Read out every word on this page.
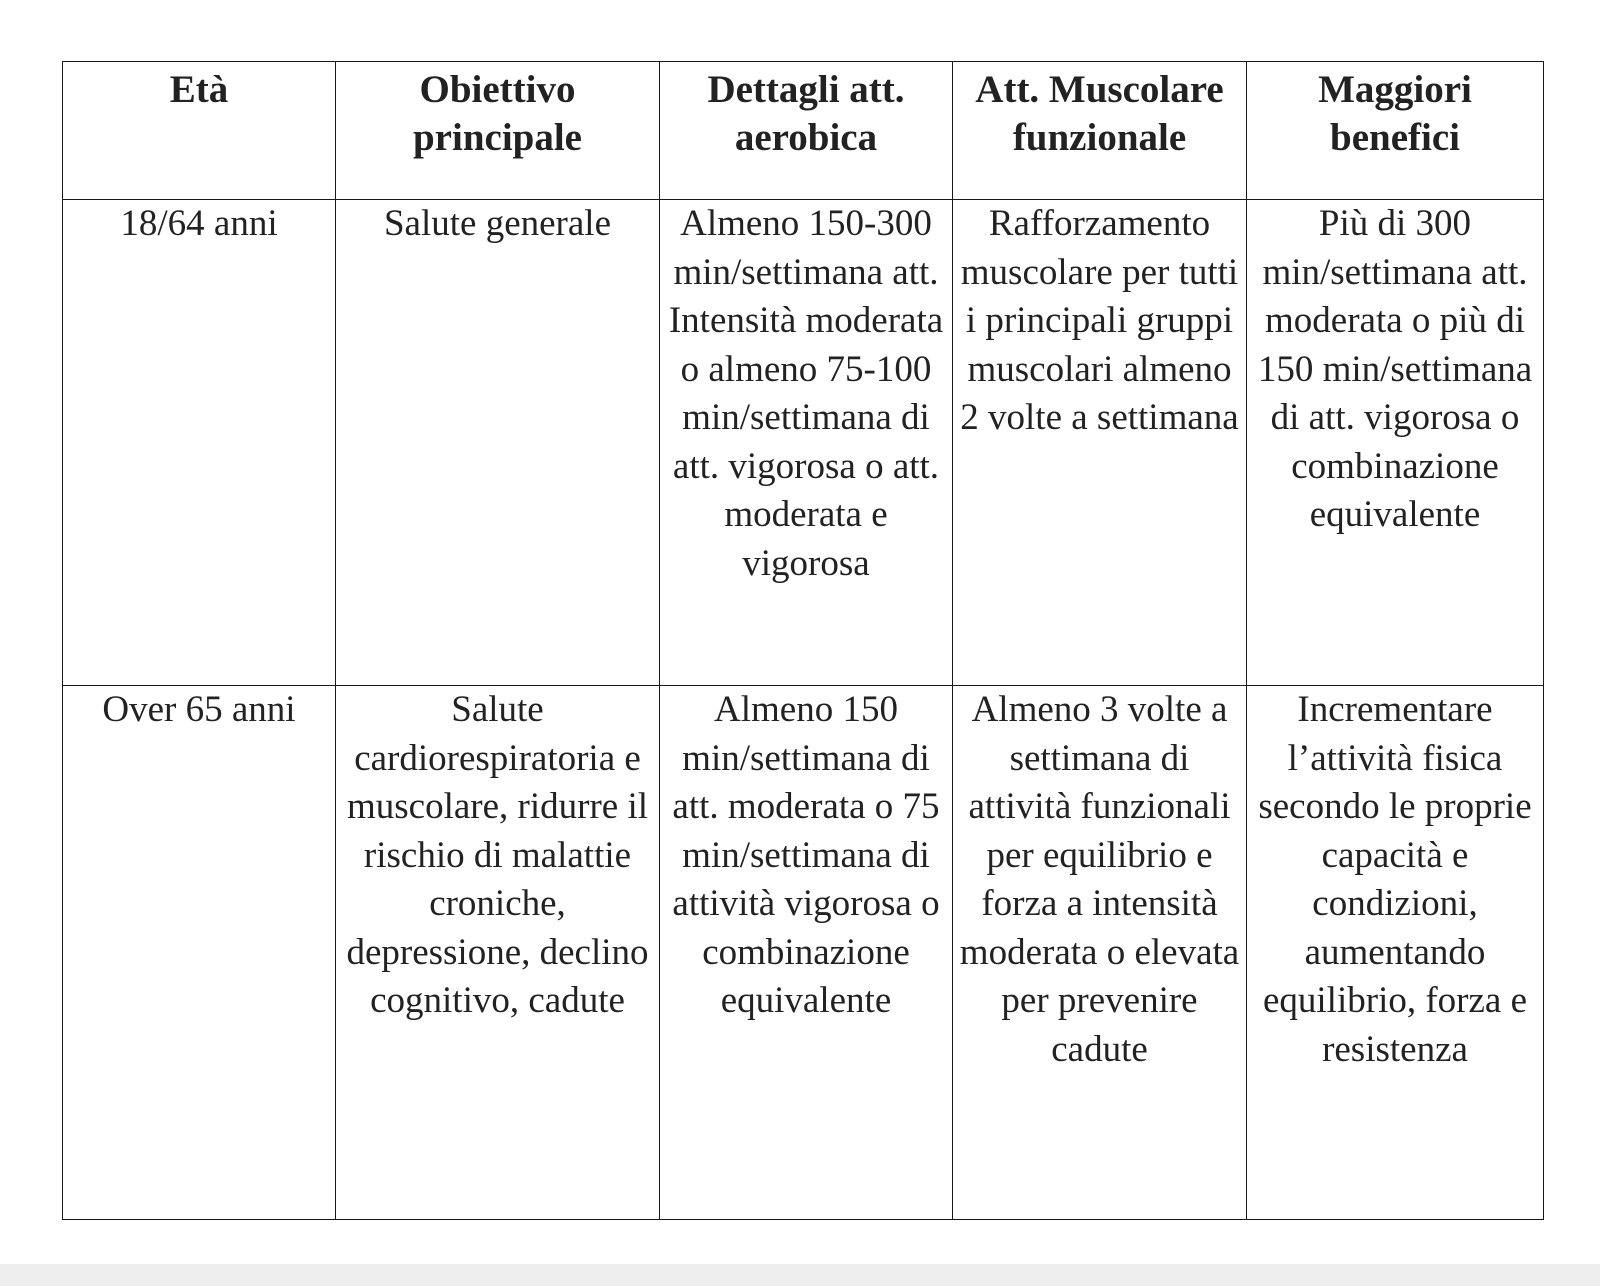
Età	Obiettivo principale	Dettagli att. aerobica	Att. Muscolare funzionale	Maggiori benefici
18/64 anni	Salute generale	Almeno 150-300 min/settimana att. Intensità moderata o almeno 75-100 min/settimana di att. vigorosa o att. moderata e vigorosa	Rafforzamento muscolare per tutti i principali gruppi muscolari almeno 2 volte a settimana	Più di 300 min/settimana att. moderata o più di 150 min/settimana di att. vigorosa o combinazione equivalente
Over 65 anni	Salute cardiorespiratoria e muscolare, ridurre il rischio di malattie croniche, depressione, declino cognitivo, cadute	Almeno 150 min/settimana di att. moderata o 75 min/settimana di attività vigorosa o combinazione equivalente	Almeno 3 volte a settimana di attività funzionali per equilibrio e forza a intensità moderata o elevata per prevenire cadute	Incrementare l’attività fisica secondo le proprie capacità e condizioni, aumentando equilibrio, forza e resistenza
